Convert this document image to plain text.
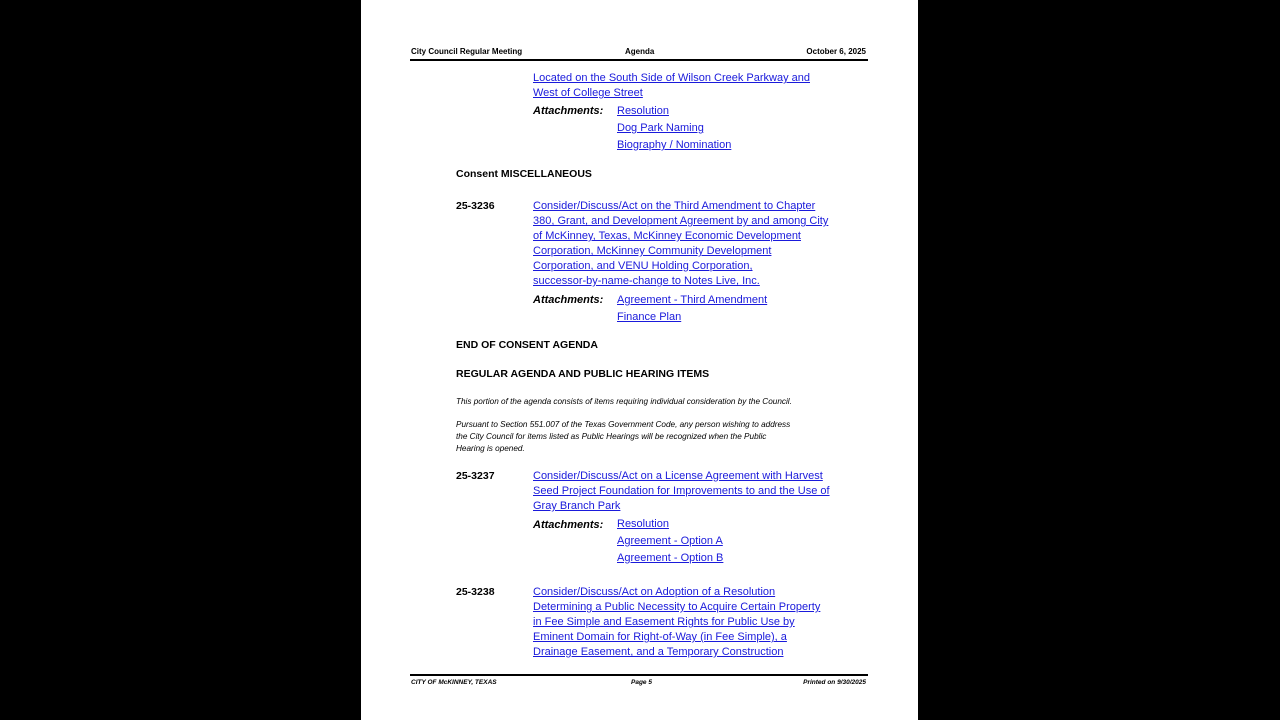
City Council Regular Meeting	Agenda	October 6, 2025
Located on the South Side of Wilson Creek Parkway and
West of College Street
Attachments: Resolution
Dog Park Naming
Biography / Nomination
Consent MISCELLANEOUS
25-3236	Consider/Discuss/Act on the Third Amendment to Chapter
380, Grant, and Development Agreement by and among City
of McKinney, Texas, McKinney Economic Development
Corporation, McKinney Community Development
Corporation, and VENU Holding Corporation,
successor-by-name-change to Notes Live, Inc.
Attachments: Agreement - Third Amendment
Finance Plan
END OF CONSENT AGENDA
REGULAR AGENDA AND PUBLIC HEARING ITEMS
This portion of the agenda consists of items requiring individual consideration by the Council.
Pursuant to Section 551.007 of the Texas Government Code, any person wishing to address
the City Council for items listed as Public Hearings will be recognized when the Public
Hearing is opened.
25-3237	Consider/Discuss/Act on a License Agreement with Harvest
Seed Project Foundation for Improvements to and the Use of
Gray Branch Park
Attachments: Resolution
Agreement - Option A
Agreement - Option B
25-3238	Consider/Discuss/Act on Adoption of a Resolution
Determining a Public Necessity to Acquire Certain Property
in Fee Simple and Easement Rights for Public Use by
Eminent Domain for Right-of-Way (in Fee Simple), a
Drainage Easement, and a Temporary Construction
CITY OF McKINNEY, TEXAS	Page 5	Printed on 9/30/2025
